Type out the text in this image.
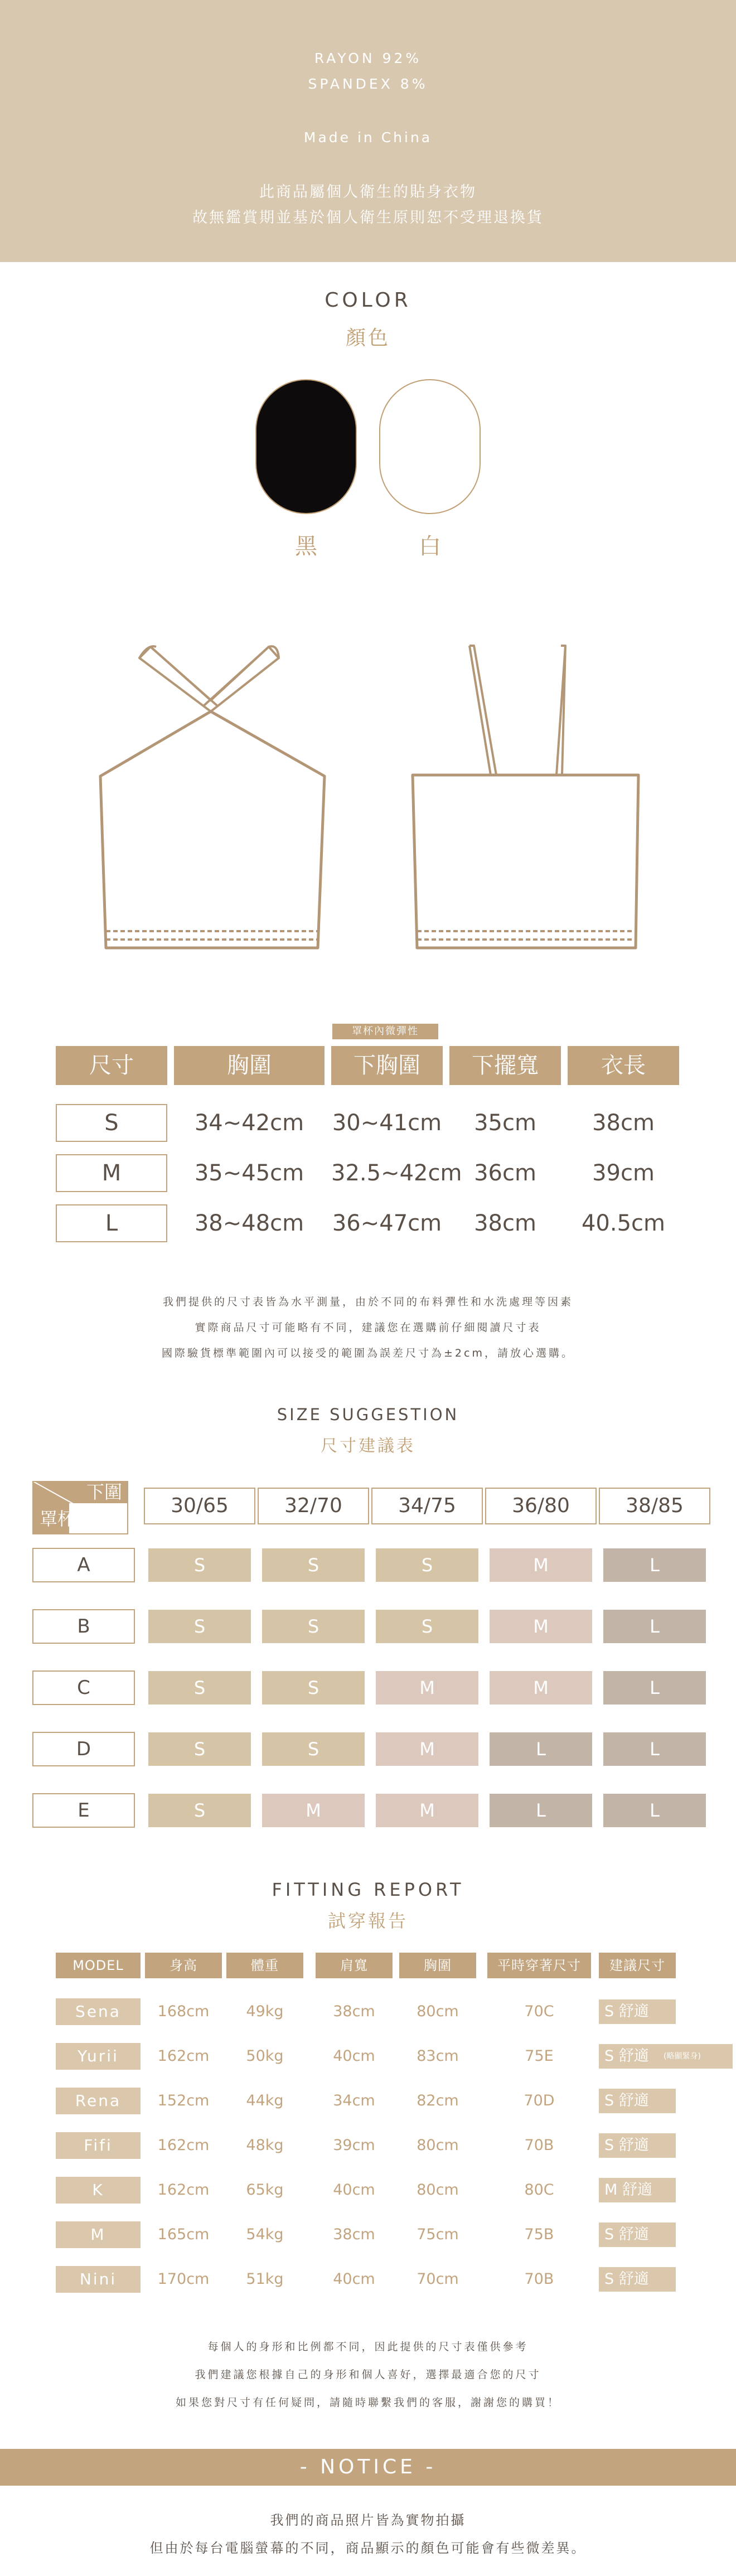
RAYON 92%
SPANDEX 8%
Made in China
此商品屬個人衛生的貼身衣物
故無鑑賞期並基於個人衛生原則恕不受理退換貨
COLOR
顏色
黑	白
罩杯內微彈性
尺寸	胸圍	下胸圍	下擺寬	衣長
S	34~42cm	30~41cm	35cm	38cm
M	35~45cm	32.5~42cm 36cm	39cm
L	38~48cm	36~47cm	38cm	40.5cm
我們提供的尺寸表皆為水平測量，由於不同的布料彈性和水洗處理等因素
實際商品尺寸可能略有不同，建議您在選購前仔細閱讀尺寸表
國際驗貨標準範圍內可以接受的範圍為誤差尺寸為±2cm，請放心選購。
SIZE SUGGESTION
尺寸建議表
下圍
罩杯
30/65	32/70	34/75	36/80	38/85
A	S	S	S	M	L
B	S	S	S	M	L
C	S	S	M	M	L
D	S	S	M	L	L
E	S	M	M	L	L
FITTING REPORT
試穿報告
MODEL	身高	體重	肩寬	胸圍	平時穿著尺寸	建議尺寸
Sena	168cm	49kg	38cm	80cm	70C	S 舒適
Yurii	162cm	50kg	40cm	83cm	75E	S 舒適	(略顯緊身)
Rena	152cm	44kg	34cm	82cm	70D	S 舒適
Fifi	162cm	48kg	39cm	80cm	70B	S 舒適
K	162cm	65kg	40cm	80cm	80C	M 舒適
M	165cm	54kg	38cm	75cm	75B	S 舒適
Nini	170cm	51kg	40cm	70cm	70B	S 舒適
每個人的身形和比例都不同，因此提供的尺寸表僅供參考
我們建議您根據自己的身形和個人喜好，選擇最適合您的尺寸
如果您對尺寸有任何疑問，請隨時聯繫我們的客服，謝謝您的購買！
- NOTICE -
我們的商品照片皆為實物拍攝
但由於每台電腦螢幕的不同，商品顯示的顏色可能會有些微差異。
